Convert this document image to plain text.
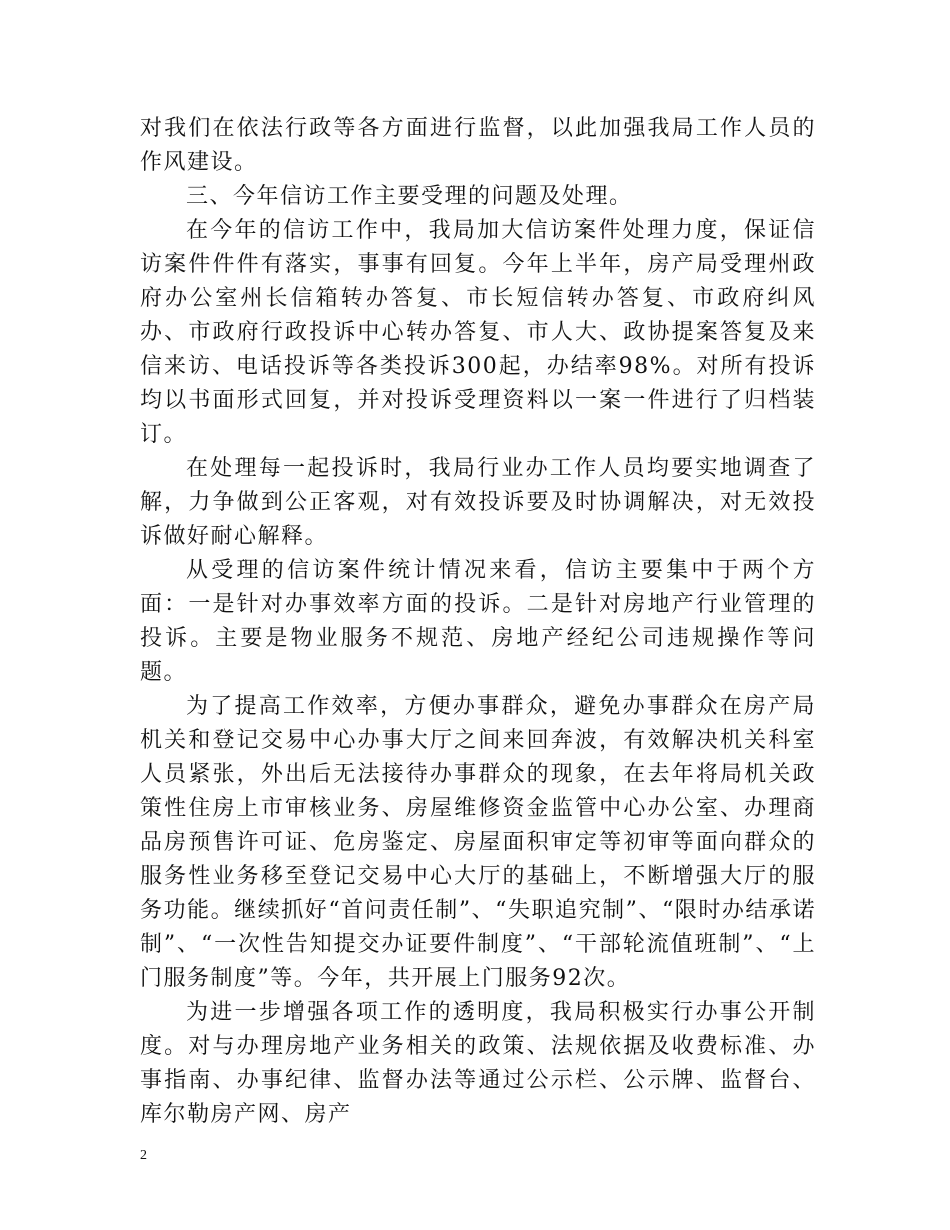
对我们在依法行政等各方面进行监督，以此加强我局工作人员的作风建设。

三、今年信访工作主要受理的问题及处理。

在今年的信访工作中，我局加大信访案件处理力度，保证信访案件件件有落实，事事有回复。今年上半年，房产局受理州政府办公室州长信箱转办答复、市长短信转办答复、市政府纠风办、市政府行政投诉中心转办答复、市人大、政协提案答复及来信来访、电话投诉等各类投诉300起，办结率98%。对所有投诉均以书面形式回复，并对投诉受理资料以一案一件进行了归档装订。

在处理每一起投诉时，我局行业办工作人员均要实地调查了解，力争做到公正客观，对有效投诉要及时协调解决，对无效投诉做好耐心解释。

从受理的信访案件统计情况来看，信访主要集中于两个方面：一是针对办事效率方面的投诉。二是针对房地产行业管理的投诉。主要是物业服务不规范、房地产经纪公司违规操作等问题。

为了提高工作效率，方便办事群众，避免办事群众在房产局机关和登记交易中心办事大厅之间来回奔波，有效解决机关科室人员紧张，外出后无法接待办事群众的现象，在去年将局机关政策性住房上市审核业务、房屋维修资金监管中心办公室、办理商品房预售许可证、危房鉴定、房屋面积审定等初审等面向群众的服务性业务移至登记交易中心大厅的基础上，不断增强大厅的服务功能。继续抓好“首问责任制”、“失职追究制”、“限时办结承诺制”、“一次性告知提交办证要件制度”、“干部轮流值班制”、“上门服务制度”等。今年，共开展上门服务92次。

为进一步增强各项工作的透明度，我局积极实行办事公开制度。对与办理房地产业务相关的政策、法规依据及收费标准、办事指南、办事纪律、监督办法等通过公示栏、公示牌、监督台、库尔勒房产网、房产

2
